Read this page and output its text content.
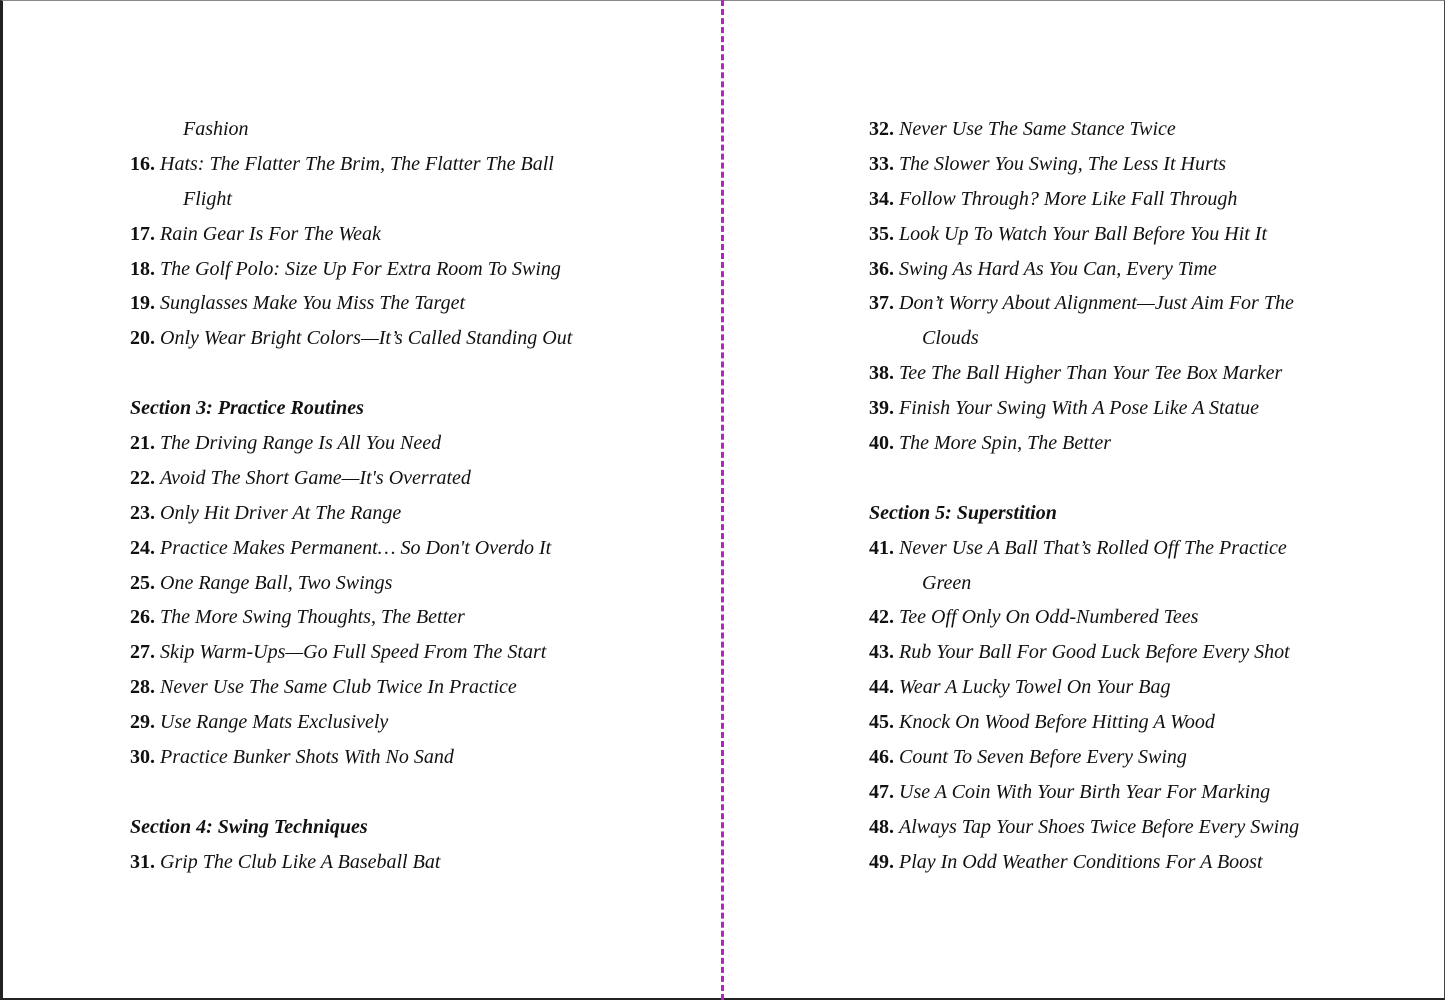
Fashion
16. Hats: The Flatter The Brim, The Flatter The Ball
Flight
17. Rain Gear Is For The Weak
18. The Golf Polo: Size Up For Extra Room To Swing
19. Sunglasses Make You Miss The Target
20. Only Wear Bright Colors—It’s Called Standing Out
Section 3: Practice Routines
21. The Driving Range Is All You Need
22. Avoid The Short Game—It's Overrated
23. Only Hit Driver At The Range
24. Practice Makes Permanent… So Don't Overdo It
25. One Range Ball, Two Swings
26. The More Swing Thoughts, The Better
27. Skip Warm-Ups—Go Full Speed From The Start
28. Never Use The Same Club Twice In Practice
29. Use Range Mats Exclusively
30. Practice Bunker Shots With No Sand
Section 4: Swing Techniques
31. Grip The Club Like A Baseball Bat
32. Never Use The Same Stance Twice
33. The Slower You Swing, The Less It Hurts
34. Follow Through? More Like Fall Through
35. Look Up To Watch Your Ball Before You Hit It
36. Swing As Hard As You Can, Every Time
37. Don’t Worry About Alignment—Just Aim For The
Clouds
38. Tee The Ball Higher Than Your Tee Box Marker
39. Finish Your Swing With A Pose Like A Statue
40. The More Spin, The Better
Section 5: Superstition
41. Never Use A Ball That’s Rolled Off The Practice
Green
42. Tee Off Only On Odd-Numbered Tees
43. Rub Your Ball For Good Luck Before Every Shot
44. Wear A Lucky Towel On Your Bag
45. Knock On Wood Before Hitting A Wood
46. Count To Seven Before Every Swing
47. Use A Coin With Your Birth Year For Marking
48. Always Tap Your Shoes Twice Before Every Swing
49. Play In Odd Weather Conditions For A Boost
